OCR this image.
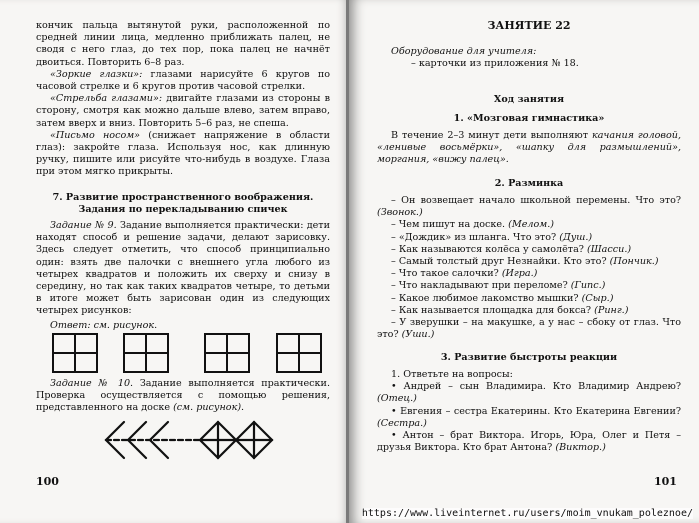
кончик пальца вытянутой руки, расположенной по средней линии лица, медленно приближать палец, не сводя с него глаз, до тех пор, пока палец не начнёт двоиться. Повторить 6–8 раз.

«Зоркие глазки»: глазами нарисуйте 6 кругов по часовой стрелке и 6 кругов против часовой стрелки.

«Стрельба глазами»: двигайте глазами из стороны в сторону, смотря как можно дальше влево, затем вправо, затем вверх и вниз. Повторить 5–6 раз, не спеша.

«Письмо носом» (снижает напряжение в области глаз): закройте глаза. Используя нос, как длинную ручку, пишите или рисуйте что-нибудь в воздухе. Глаза при этом мягко прикрыты.

7. Развитие пространственного воображения.

Задания по перекладыванию спичек

Задание № 9. Задание выполняется практически: дети находят способ и решение задачи, делают зарисовку. Здесь следует отметить, что способ принципиально один: взять две палочки с внешнего угла любого из четырех квадратов и положить их сверху и снизу в середину, но так как таких квадратов четыре, то детьми в итоге может быть зарисован один из следующих четырех рисунков:

Ответ: см. рисунок.

Задание № 10. Задание выполняется практически. Проверка осуществляется с помощью решения, представленного на доске (см. рисунок).

100
ЗАНЯТИЕ 22

Оборудование для учителя:

– карточки из приложения № 18.

Ход занятия
1. «Мозговая гимнастика»

В течение 2–3 минут дети выполняют качания головой, «ленивые восьмёрки», «шапку для размышлений», моргания, «вижу палец».

2. Разминка

– Он возвещает начало школьной перемены. Что это? (Звонок.)

– Чем пишут на доске. (Мелом.)

– «Дождик» из шланга. Что это? (Душ.)

– Как называются колёса у самолёта? (Шасси.)

– Самый толстый друг Незнайки. Кто это? (Пончик.)

– Что такое салочки? (Игра.)

– Что накладывают при переломе? (Гипс.)

– Какое любимое лакомство мышки? (Сыр.)

– Как называется площадка для бокса? (Ринг.)

– У зверушки – на макушке, а у нас – сбоку от глаз. Что это? (Уши.)

3. Развитие быстроты реакции

1. Ответьте на вопросы:

• Андрей – сын Владимира. Кто Владимир Андрею? (Отец.)

• Евгения – сестра Екатерины. Кто Екатерина Евгении? (Сестра.)

• Антон – брат Виктора. Игорь, Юра, Олег и Петя – друзья Виктора. Кто брат Антона? (Виктор.)

101
https://www.liveinternet.ru/users/moim_vnukam_poleznoe/
